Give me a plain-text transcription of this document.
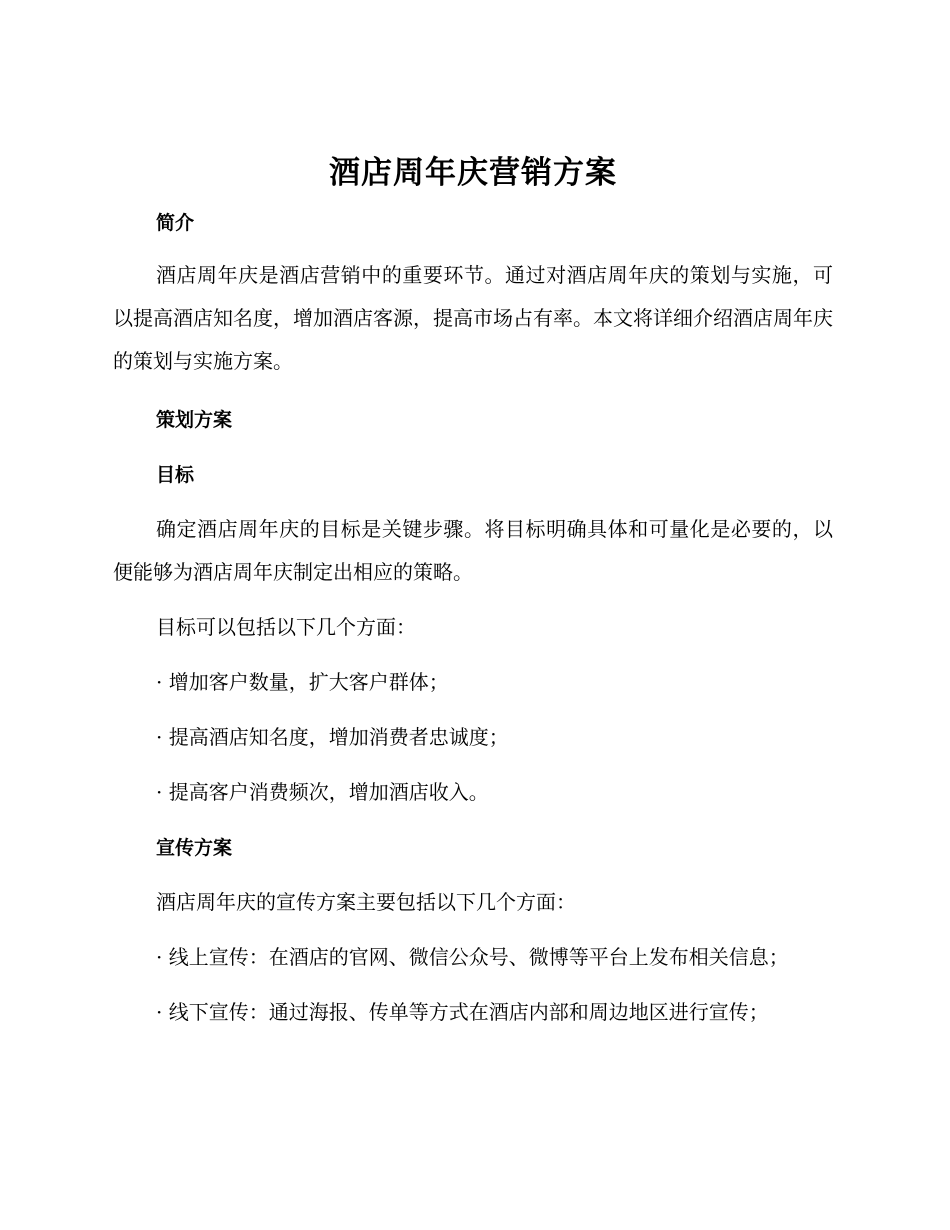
酒店周年庆营销方案
简介

酒店周年庆是酒店营销中的重要环节。通过对酒店周年庆的策划与实施，可以提高酒店知名度，增加酒店客源，提高市场占有率。本文将详细介绍酒店周年庆的策划与实施方案。

策划方案
目标

确定酒店周年庆的目标是关键步骤。将目标明确具体和可量化是必要的，以便能够为酒店周年庆制定出相应的策略。

目标可以包括以下几个方面：

· 增加客户数量，扩大客户群体；

· 提高酒店知名度，增加消费者忠诚度；

· 提高客户消费频次，增加酒店收入。

宣传方案

酒店周年庆的宣传方案主要包括以下几个方面：

· 线上宣传：在酒店的官网、微信公众号、微博等平台上发布相关信息；

· 线下宣传：通过海报、传单等方式在酒店内部和周边地区进行宣传；
